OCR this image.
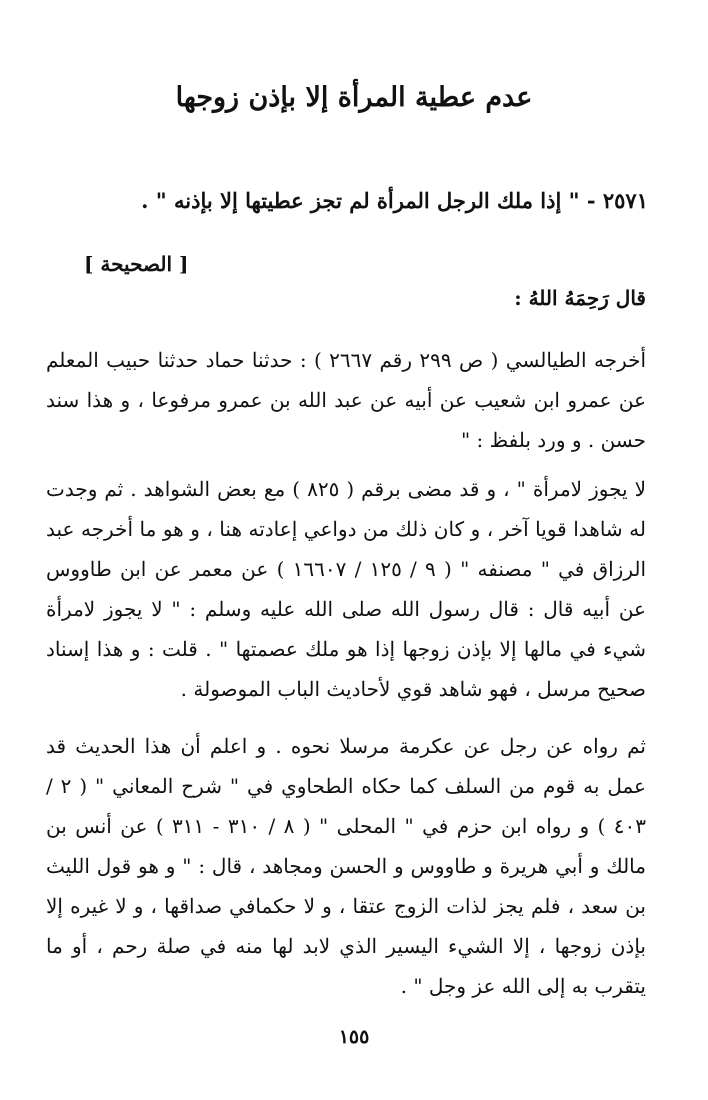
عدم عطية المرأة إلا بإذن زوجها
٢٥٧١ - " إذا ملك الرجل المرأة لم تجز عطيتها إلا بإذنه " .
[ الصحيحة ]
قال رَحِمَهُ اللهُ :
أخرجه الطيالسي ( ص ٢٩٩ رقم ٢٦٦٧ ) : حدثنا حماد حدثنا حبيب المعلم عن عمرو ابن شعيب عن أبيه عن عبد الله بن عمرو مرفوعا ، و هذا سند حسن . و ورد بلفظ : "
لا يجوز لامرأة " ، و قد مضى برقم ( ٨٢٥ ) مع بعض الشواهد . ثم وجدت له شاهدا قويا آخر ، و كان ذلك من دواعي إعادته هنا ، و هو ما أخرجه عبد الرزاق في " مصنفه " ( ٩ / ١٢٥ / ١٦٦٠٧ ) عن معمر عن ابن طاووس عن أبيه قال : قال رسول الله صلى الله عليه وسلم : " لا يجوز لامرأة شيء في مالها إلا بإذن زوجها إذا هو ملك عصمتها " . قلت : و هذا إسناد صحيح مرسل ، فهو شاهد قوي لأحاديث الباب الموصولة .
ثم رواه عن رجل عن عكرمة مرسلا نحوه . و اعلم أن هذا الحديث قد عمل به قوم من السلف كما حكاه الطحاوي في " شرح المعاني " ( ٢ / ٤٠٣ ) و رواه ابن حزم في " المحلى " ( ٨ / ٣١٠ - ٣١١ ) عن أنس بن مالك و أبي هريرة و طاووس و الحسن ومجاهد ، قال : " و هو قول الليث بن سعد ، فلم يجز لذات الزوج عتقا ، و لا حكمافي صداقها ، و لا غيره إلا بإذن زوجها ، إلا الشيء اليسير الذي لابد لها منه في صلة رحم ، أو ما يتقرب به إلى الله عز وجل " .
١٥٥
